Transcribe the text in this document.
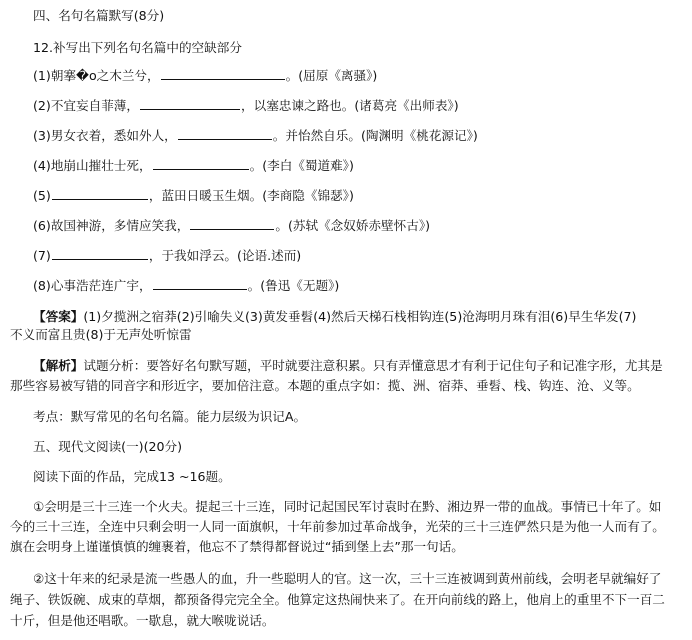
四、名句名篇默写(8分)
12.补写出下列名句名篇中的空缺部分
(1)朝搴�o之木兰兮，	。(屈原《离骚》)
(2)不宜妄自菲薄，	，以塞忠谏之路也。(诸葛亮《出师表》)
(3)男女衣着，悉如外人，	。并怡然自乐。(陶渊明《桃花源记》)
(4)地崩山摧壮士死，	。(李白《蜀道难》)
(5)	，蓝田日暖玉生烟。(李商隐《锦瑟》)
(6)故国神游，多情应笑我，	。(苏轼《念奴娇赤壁怀古》)
(7)	，于我如浮云。(论语.述而)
(8)心事浩茫连广宇，	。(鲁迅《无题》)
【答案】(1)夕揽洲之宿莽(2)引喻失义(3)黄发垂髫(4)然后天梯石栈相钩连(5)沧海明月珠有泪(6)早生华发(7)
不义而富且贵(8)于无声处听惊雷
【解析】试题分析：要答好名句默写题，平时就要注意积累。只有弄懂意思才有利于记住句子和记准字形，尤其是
那些容易被写错的同音字和形近字，要加倍注意。本题的重点字如：揽、洲、宿莽、垂髫、栈、钩连、沧、义等。
考点：默写常见的名句名篇。能力层级为识记A。
五、现代文阅读(一)(20分)
阅读下面的作品，完成13 ~16题。
①会明是三十三连一个火夫。提起三十三连，同时记起国民军讨袁时在黔、湘边界一带的血战。事情已十年了。如
今的三十三连，全连中只剩会明一人同一面旗帜，十年前参加过革命战争，光荣的三十三连俨然只是为他一人而有了。
旗在会明身上谨谨慎慎的缠裹着，他忘不了禁得都督说过“插到堡上去”那一句话。
②这十年来的纪录是流一些愚人的血，升一些聪明人的官。这一次，三十三连被调到黄州前线，会明老早就编好了
绳子、铁饭碗、成束的草烟，都预备得完完全全。他算定这热闹快来了。在开向前线的路上，他肩上的重里不下一百二
十斤，但是他还唱歌。一歇息，就大喉咙说话。
